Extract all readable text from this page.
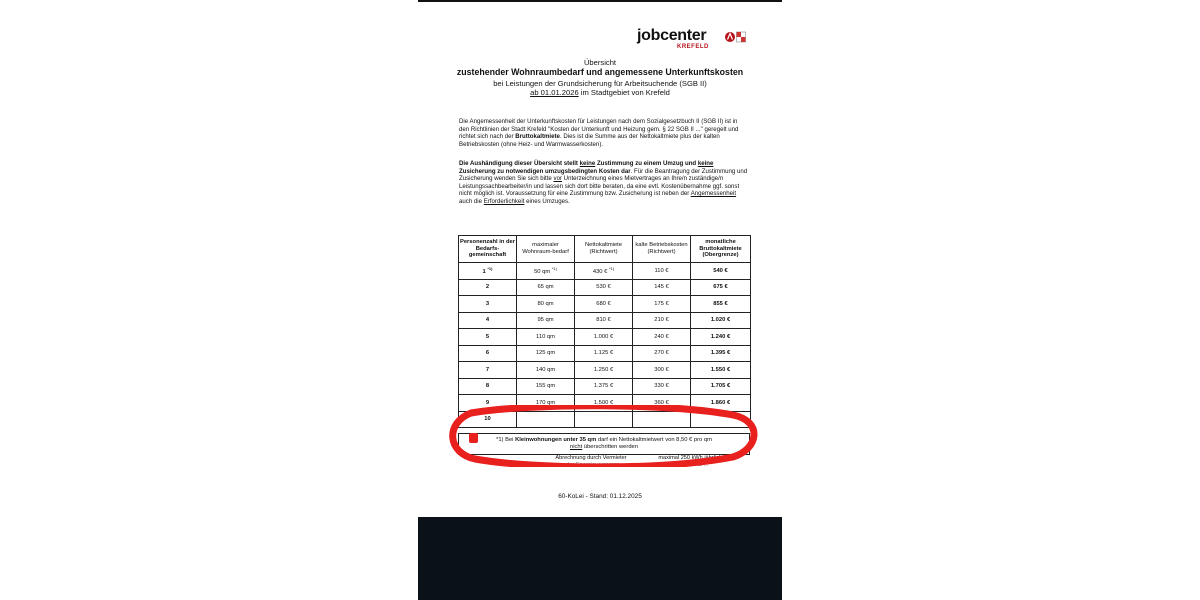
jobcenter
KREFELD
Übersicht
zustehender Wohnraumbedarf und angemessene Unterkunftskosten
bei Leistungen der Grundsicherung für Arbeitsuchende (SGB II)
ab 01.01.2026 im Stadtgebiet von Krefeld
Die Angemessenheit der Unterkunftskosten für Leistungen nach dem Sozialgesetzbuch II (SGB II) ist in den Richtlinien der Stadt Krefeld "Kosten der Unterkunft und Heizung gem. § 22 SGB II ..." geregelt und richtet sich nach der Bruttokaltmiete. Dies ist die Summe aus der Nettokaltmiete plus der kalten Betriebskosten (ohne Heiz- und Warmwasserkosten).
Die Aushändigung dieser Übersicht stellt keine Zustimmung zu einem Umzug und keine Zusicherung zu notwendigen umzugsbedingten Kosten dar. Für die Beantragung der Zustimmung und Zusicherung wenden Sie sich bitte vor Unterzeichnung eines Mietvertrages an Ihre/n zuständige/n Leistungssachbearbeiter/in und lassen sich dort bitte beraten, da eine evtl. Kostenübernahme ggf. sonst nicht möglich ist. Voraussetzung für eine Zustimmung bzw. Zusicherung ist neben der Angemessenheit auch die Erforderlichkeit eines Umzuges.
Personenzahl in der Bedarfs-gemeinschaft	maximaler Wohnraum-bedarf	Nettokaltmiete (Richtwert)	kalte Betriebskosten (Richtwert)	monatliche Bruttokaltmiete (Obergrenze)
1 $^{*1)}$	50 qm $^{*1)}$	430 € $^{*1)}$	110 €	540 €
2	65 qm	530 €	145 €	675 €
3	80 qm	680 €	175 €	855 €
4	95 qm	810 €	210 €	1.020 €
5	110 qm	1.000 €	240 €	1.240 €
6	125 qm	1.125 €	270 €	1.395 €
7	140 qm	1.250 €	300 €	1.550 €
8	155 qm	1.375 €	330 €	1.705 €
9	170 qm	1.500 €	360 €	1.860 €
10				
*1) Bei Kleinwohnungen unter 35 qm darf ein Nettokaltmietwert von 8,50 € pro qm
nicht überschritten werden
Abrechnung durch Vermieter
oder Energieversorger
maximal 250 kWh jährlich pro
maximal ...
60-KoLei - Stand: 01.12.2025
